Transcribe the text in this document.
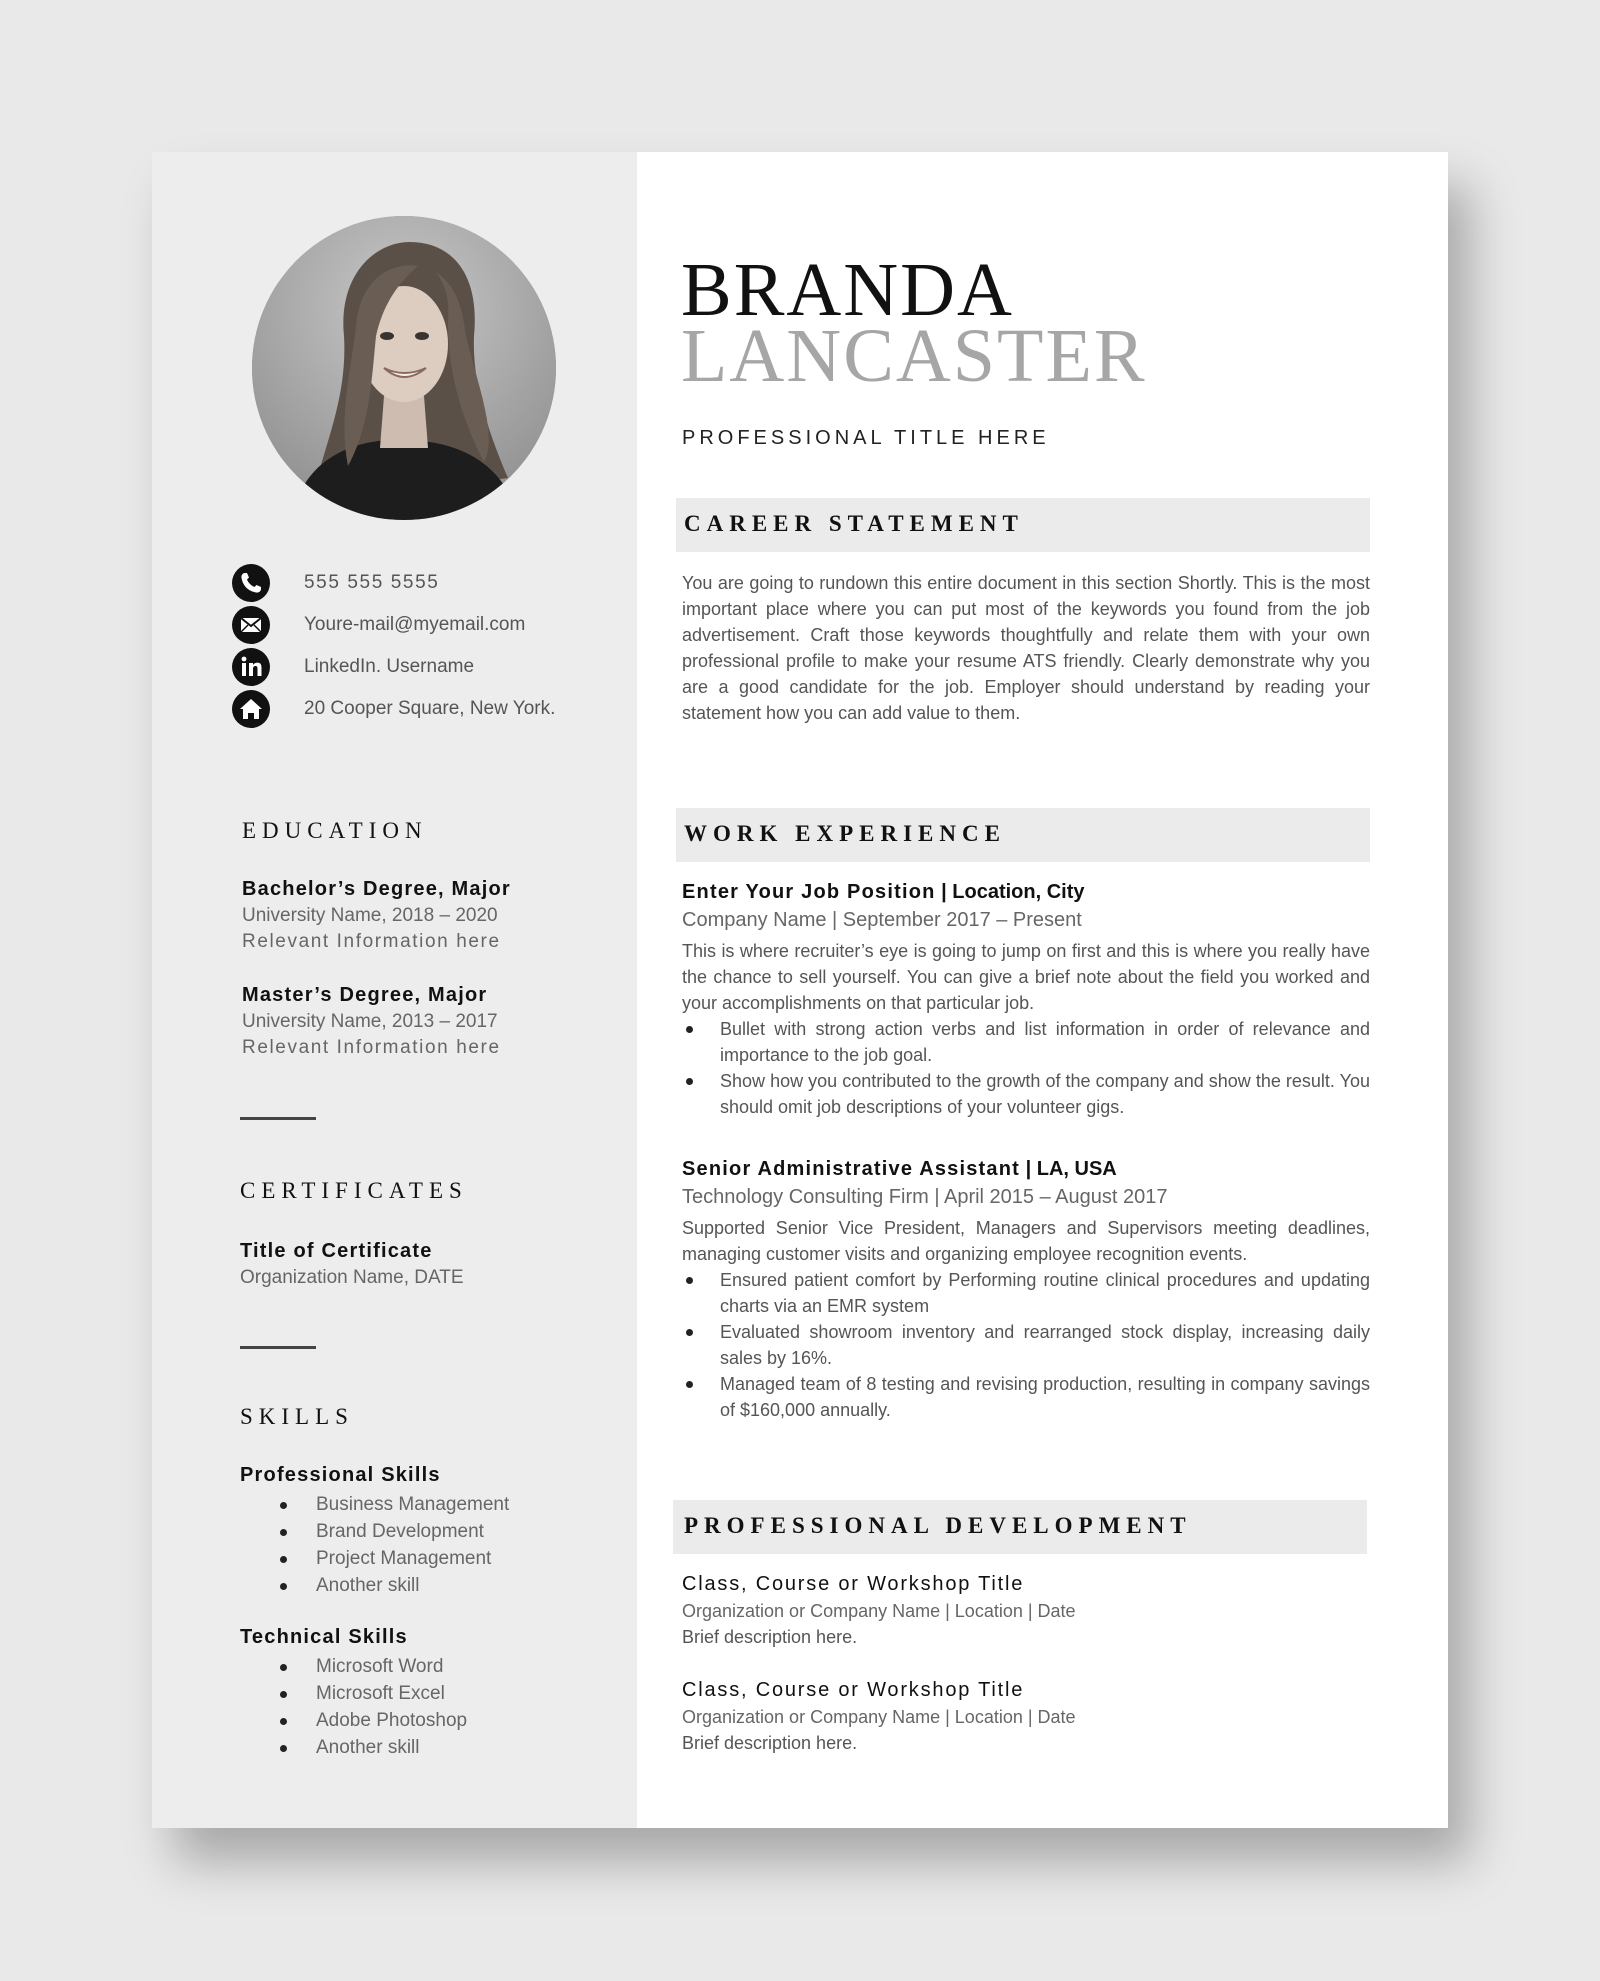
555 555 5555
Youre-mail@myemail.com
LinkedIn. Username
20 Cooper Square, New York.
EDUCATION
Bachelor’s Degree, Major
University Name, 2018 – 2020
Relevant Information here
Master’s Degree, Major
University Name, 2013 – 2017
Relevant Information here
CERTIFICATES
Title of Certificate
Organization Name, DATE
SKILLS
Professional Skills
Business Management
Brand Development
Project Management
Another skill
Technical Skills
Microsoft Word
Microsoft Excel
Adobe Photoshop
Another skill
BRANDA
LANCASTER
PROFESSIONAL TITLE HERE
CAREER STATEMENT

You are going to rundown this entire document in this section Shortly. This is the most important place where you can put most of the keywords you found from the job advertisement. Craft those keywords thoughtfully and relate them with your own professional profile to make your resume ATS friendly. Clearly demonstrate why you are a good candidate for the job. Employer should understand by reading your statement how you can add value to them.

WORK EXPERIENCE
Enter Your Job Position | Location, City
Company Name | September 2017 – Present

This is where recruiter’s eye is going to jump on first and this is where you really have the chance to sell yourself. You can give a brief note about the field you worked and your accomplishments on that particular job.

Bullet with strong action verbs and list information in order of relevance and importance to the job goal.
Show how you contributed to the growth of the company and show the result. You should omit job descriptions of your volunteer gigs.
Senior Administrative Assistant | LA, USA
Technology Consulting Firm | April 2015 – August 2017

Supported Senior Vice President, Managers and Supervisors meeting deadlines, managing customer visits and organizing employee recognition events.

Ensured patient comfort by Performing routine clinical procedures and updating charts via an EMR system
Evaluated showroom inventory and rearranged stock display, increasing daily sales by 16%.
Managed team of 8 testing and revising production, resulting in company savings of $160,000 annually.
PROFESSIONAL DEVELOPMENT
Class, Course or Workshop Title
Organization or Company Name | Location | Date
Brief description here.
Class, Course or Workshop Title
Organization or Company Name | Location | Date
Brief description here.
